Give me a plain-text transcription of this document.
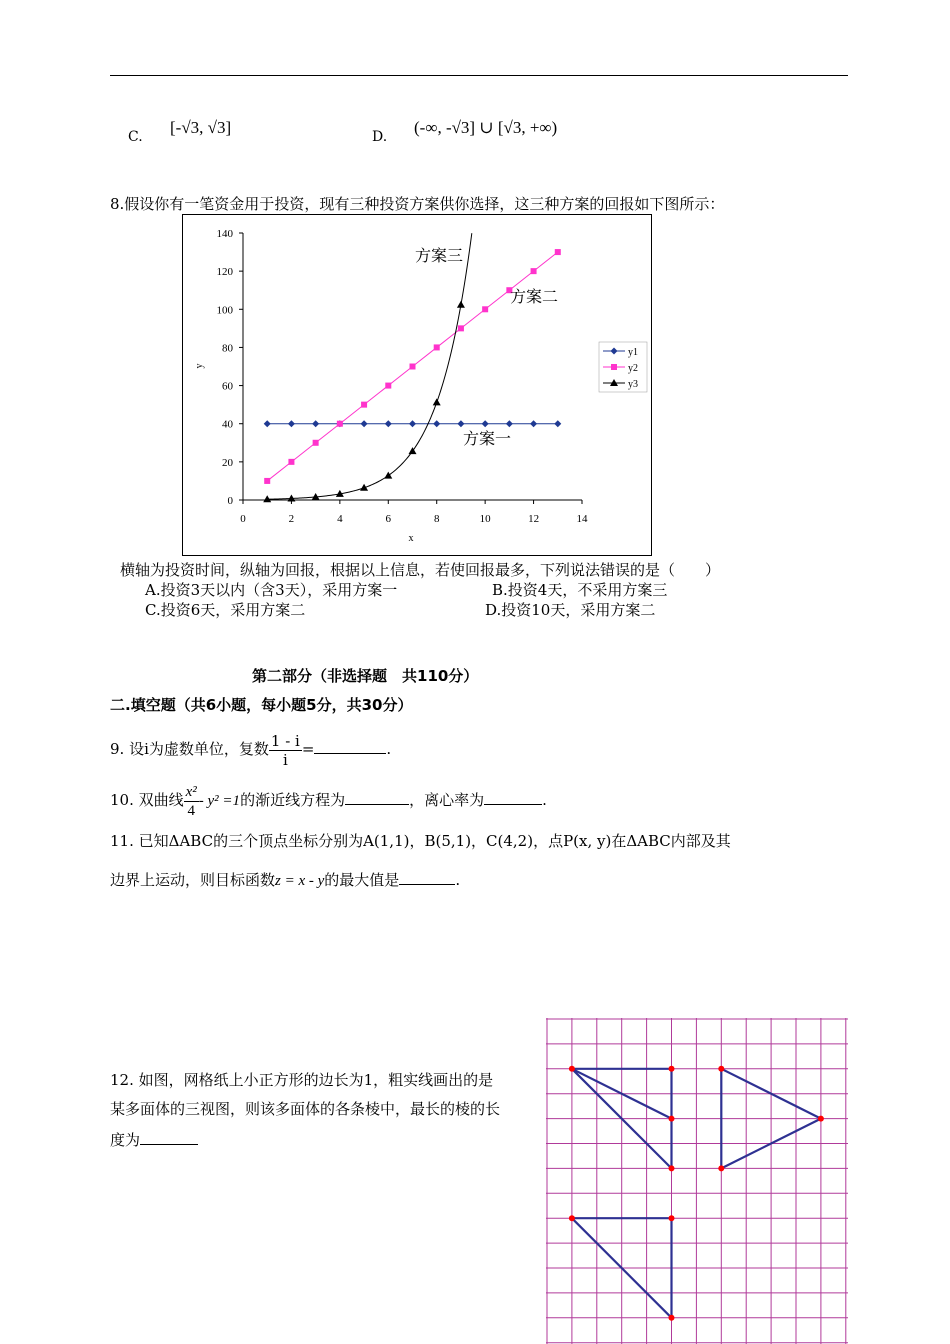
C. [-√3, √3]	D. (-∞, -√3] ∪ [√3, +∞)
8.假设你有一笔资金用于投资，现有三种投资方案供你选择，这三种方案的回报如下图所示：
0	2	4	6	8	10	12	14
0
20
40
60
80
100
120
140
y1
y2
y3
方案三
方案二
方案一
x
y
横轴为投资时间，纵轴为回报，根据以上信息，若使回报最多，下列说法错误的是（　　）
A.投资3天以内（含3天），采用方案一	B.投资4天，不采用方案三
C.投资6天，采用方案二	D.投资10天，采用方案二
第二部分（非选择题　共110分）
二.填空题（共6小题，每小题5分，共30分）
9. 设i为虚数单位，复数 $\frac{1 - i}{i}$ =	.
10. 双曲线 $\frac{\text{x²}}{4} - y^2 =1$的渐近线方程为	，离心率为	.
11. 已知ΔABC的三个顶点坐标分别为A(1,1)，B(5,1)，C(4,2)，点P(x, y)在ΔABC内部及其
边界上运动，则目标函数z = x - y的最大值是	.
12. 如图，网格纸上小正方形的边长为1，粗实线画出的是
某多面体的三视图，则该多面体的各条棱中，最长的棱的长
度为
